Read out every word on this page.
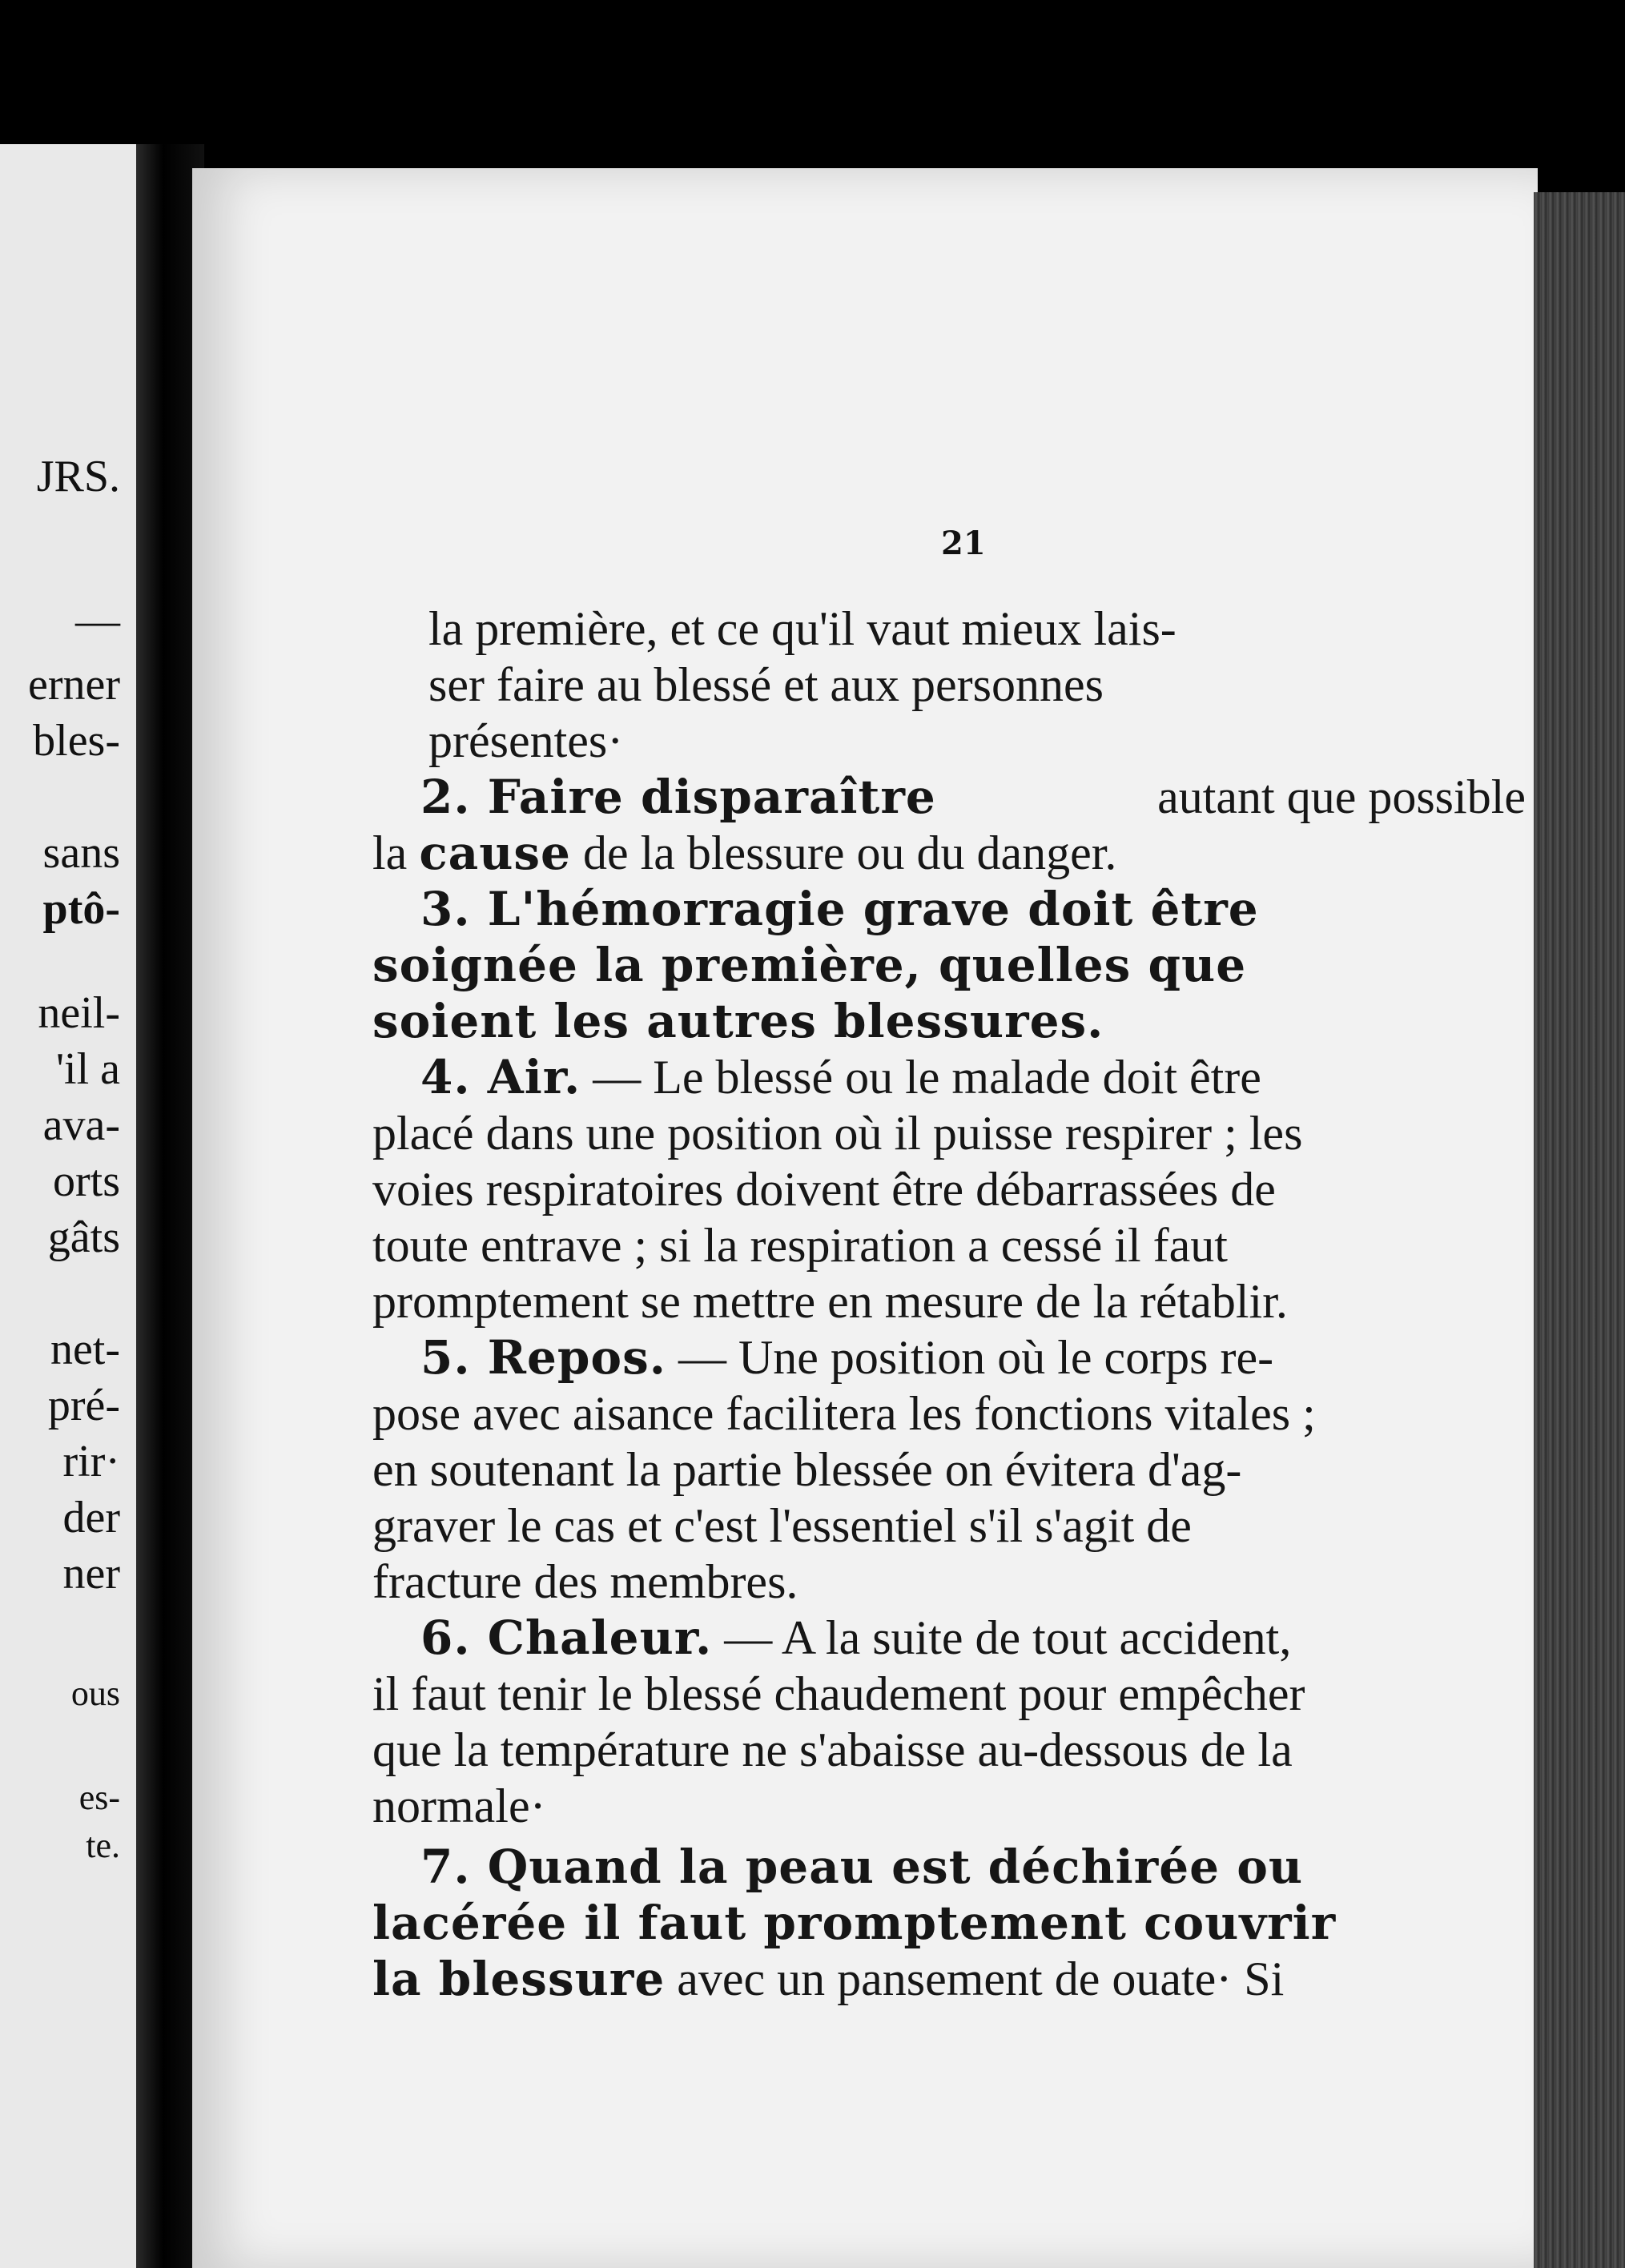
JRS.
—
erner
bles-
sans
ptô-
neil-
'il a
ava-
orts
gâts
net-
pré-
rir·
der
ner
ous
es-
te.
21
la première, et ce qu'il vaut mieux lais-
ser faire au blessé et aux personnes
présentes·
2. Faire disparaître	autant que possible
la
cause
de la blessure ou du danger.
3. L'hémorragie grave doit être
soignée la première, quelles que
soient les autres blessures.
4. Air.
— Le blessé ou le malade doit être
placé dans une position où il puisse respirer ; les
voies respiratoires doivent être débarrassées de
toute entrave ; si la respiration a cessé il faut
promptement se mettre en mesure de la rétablir.
5. Repos.
— Une position où le corps re-
pose avec aisance facilitera les fonctions vitales ;
en soutenant la partie blessée on évitera d'ag-
graver le cas et c'est l'essentiel s'il s'agit de
fracture des membres.
6. Chaleur.
— A la suite de tout accident,
il faut tenir le blessé chaudement pour empêcher
que la température ne s'abaisse au-dessous de la
normale·
7. Quand la peau est déchirée ou
lacérée il faut promptement couvrir
la blessure
avec un pansement de ouate· Si
